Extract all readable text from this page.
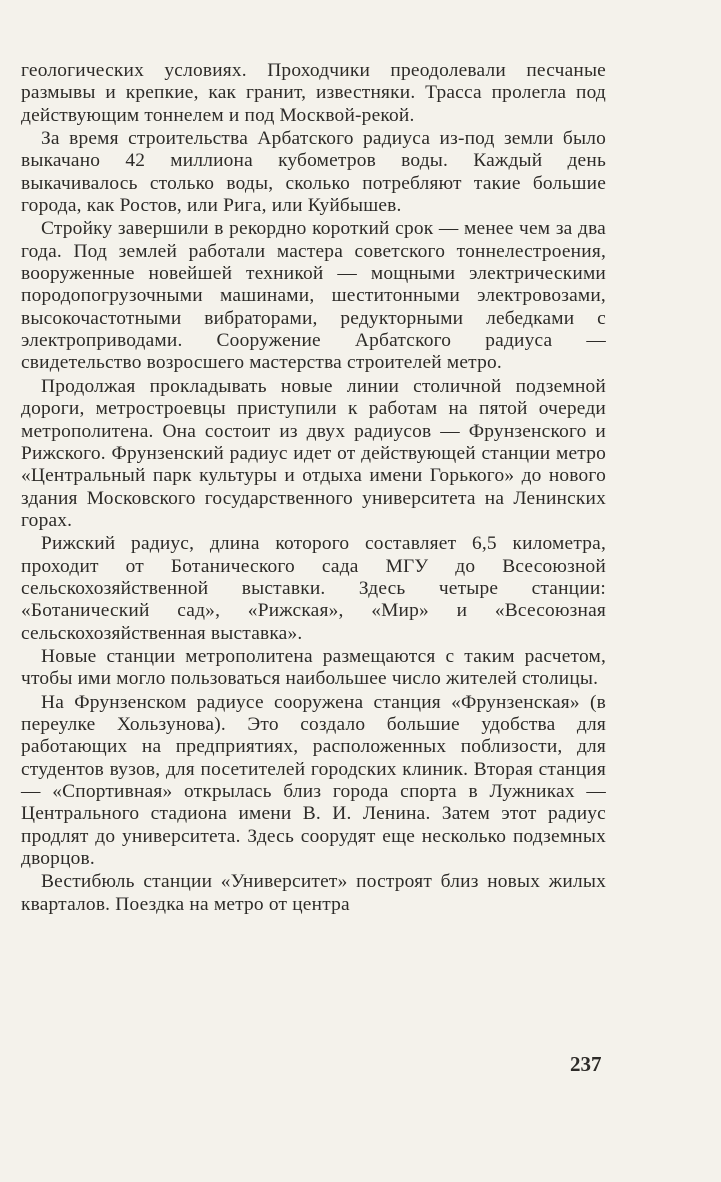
геологических условиях. Проходчики преодолевали песчаные размывы и крепкие, как гранит, известняки. Трасса пролегла под действующим тоннелем и под Москвой-рекой.

За время строительства Арбатского радиуса из-под земли было выкачано 42 миллиона кубометров воды. Каждый день выкачивалось столько воды, сколько потребляют такие большие города, как Ростов, или Рига, или Куйбышев.

Стройку завершили в рекордно короткий срок — менее чем за два года. Под землей работали мастера советского тоннелестроения, вооруженные новейшей техникой — мощными электрическими породопогрузочными машинами, шеститонными электровозами, высокочастотными вибраторами, редукторными лебедками с электроприводами. Сооружение Арбатского радиуса — свидетельство возросшего мастерства строителей метро.

Продолжая прокладывать новые линии столичной подземной дороги, метростроевцы приступили к работам на пятой очереди метрополитена. Она состоит из двух радиусов — Фрунзенского и Рижского. Фрунзенский радиус идет от действующей станции метро «Центральный парк культуры и отдыха имени Горького» до нового здания Московского государственного университета на Ленинских горах.

Рижский радиус, длина которого составляет 6,5 километра, проходит от Ботанического сада МГУ до Всесоюзной сельскохозяйственной выставки. Здесь четыре станции: «Ботанический сад», «Рижская», «Мир» и «Всесоюзная сельскохозяйственная выставка».

Новые станции метрополитена размещаются с таким расчетом, чтобы ими могло пользоваться наибольшее число жителей столицы.

На Фрунзенском радиусе сооружена станция «Фрунзенская» (в переулке Хользунова). Это создало большие удобства для работающих на предприятиях, расположенных поблизости, для студентов вузов, для посетителей городских клиник. Вторая станция — «Спортивная» открылась близ города спорта в Лужниках — Центрального стадиона имени В. И. Ленина. Затем этот радиус продлят до университета. Здесь соорудят еще несколько подземных дворцов.

Вестибюль станции «Университет» построят близ новых жилых кварталов. Поездка на метро от центра

237
